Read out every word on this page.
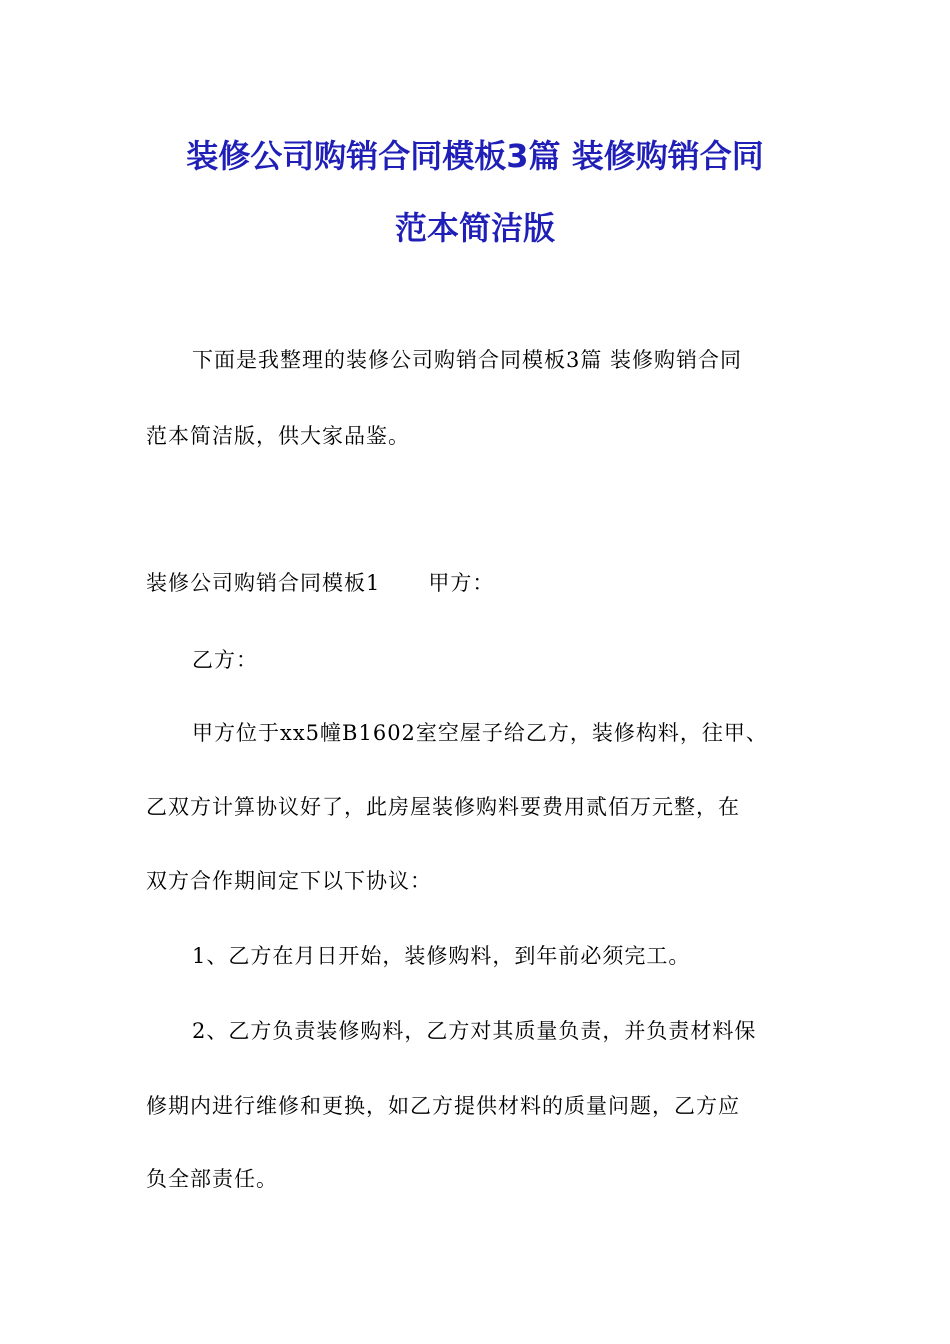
装修公司购销合同模板3篇 装修购销合同
范本简洁版
下面是我整理的装修公司购销合同模板3篇 装修购销合同
范本简洁版，供大家品鉴。
装修公司购销合同模板1 甲方：
乙方：
甲方位于xx5幢B1602室空屋子给乙方，装修构料，往甲、
乙双方计算协议好了，此房屋装修购料要费用贰佰万元整，在
双方合作期间定下以下协议：
1、乙方在月日开始，装修购料，到年前必须完工。
2、乙方负责装修购料，乙方对其质量负责，并负责材料保
修期内进行维修和更换，如乙方提供材料的质量问题，乙方应
负全部责任。
